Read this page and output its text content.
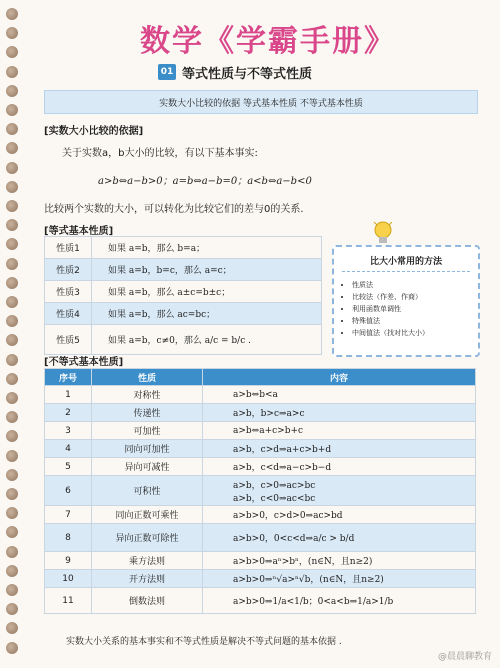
数学《学霸手册》
01 等式性质与不等式性质
实数大小比较的依据 等式基本性质 不等式基本性质
[实数大小比较的依据]
关于实数a，b大小的比较，有以下基本事实:
a>b⇔a−b>0；a=b⇔a−b=0；a<b⇔a−b<0
比较两个实数的大小，可以转化为比较它们的差与0的关系.
[等式基本性质]
性质1	如果 a=b，那么 b=a；
性质2	如果 a=b，b=c，那么 a=c；
性质3	如果 a=b，那么 a±c=b±c；
性质4	如果 a=b，那么 ac=bc；
性质5	如果 a=b，c≠0，那么 a/c = b/c .
比大小常用的方法
• 性质法
• 比较法（作差、作商）
• 利用函数单调性
• 特殊值法
• 中间值法（找对比大小）
[不等式基本性质]
序号	性质	内容
1	对称性	a>b⇔b<a

2	传递性	a>b，b>c⇒a>c

3	可加性	a>b⇔a+c>b+c

4	同向可加性	a>b，c>d⇒a+c>b+d

5	异向可减性	a>b，c<d⇒a−c>b−d

6	可积性	a>b，c>0⇒ac>bc
a>b，c<0⇒ac<bc

7	同向正数可乘性	a>b>0，c>d>0⇒ac>bd

8	异向正数可除性	a>b>0，0<c<d⇒a/c > b/d

9	乘方法则	a>b>0⇒aⁿ>bⁿ，(n∈N，且n≥2)

10	开方法则	a>b>0⇒ⁿ√a>ⁿ√b，(n∈N，且n≥2)

11	倒数法则	a>b>0⇒1/a<1/b；0<a<b⇒1/a>1/b
实数大小关系的基本事实和不等式性质是解决不等式问题的基本依据 .
@晨晨聊教育
